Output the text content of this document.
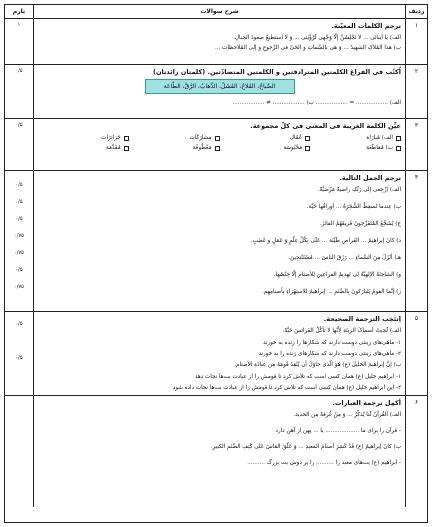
ردیف
شرح سوالات
بارم
۱
ترجم الکلمات المعیّنة.
الف) یا أبنائی ... لا تَجْلِسُنَّ إلّا وَجْهی لَرُؤْیَتی ... وَ لا أستطیعُ صعودَ الجبالِ.
ب) هذا المُلاکِ الشهیدُ ... وَ هی بالسَّماتِ و الحَیِّ فی الرِّجوعِ و إلی المُلاحظات ...
۱
۲
اُکتُب فی الفراغ الکلمتین المترادفتین و الکلمتین المتضادّتین. (کلمتان زائدتان)
الصَّباحُ، الفَلاحُ، الفَشَلُ، الذَّهابُ، الرَّقَّ، الطّاعَة
الف) .................. = .................. ب) .................. ≠ ..................
۰/۵
۳
عیِّن الکلمة الغریبة فی المعنی فی کلّ مجموعة.
الف) مُبارَاة
عُمّال
مِشارَکَات
جَزائِرَات
ب) مُقاطَعَة
مَحْبُوسَة
مَعْطُوفَة
مُقَدَّمَة
۰/۵
۴
ترجم الجمل التالیة.
الف) اِرْجِعی إلی رَبِّکِ راضیةً مَرْضیَّةً.
ب) عِندما تُسقِطُ الشَّجَرَةُ ... أوراقُها حَیَّة.
ج) یُشَجِّعُ المُتَفَرِّجونَ فَریقَهُمُ الفائزَ.
د) کانَ إبراهیمُ ... الفَراصِ طَیِّبَة ... عَلَی بِکُلِّ عِلْمٍ وَ عَمَلٍ و غَضَبٍ.
هـ) أَنْزَلَ مِنَ السَّماءِ ... رَزَقَ الناسَ ... مُسْتَنْتِجِینَ.
و) الشاحِنَةُ الإلهیَّةُ لِی تَهدیمُ الفراعِینِ لِلأصنامِ إلَّا جِنْسُها.
ز) إنَّما القومُ یَتَبارَکونَ بِالصَّنَمِ ... إبراهیمُ لِلاستِهْزاءِ بِأصنامِهِم.
۰/۵
۰/۵
۰/۵
۰/۷۵
۰/۷۵
۰/۵
۰/۷۵
۵
اِنتَخِب الترجمة الصحیحة.
الف) لَحِبتُ أسماکَ الزینَةِ لِأَنَّها لا تأکُلُ الفَرائسَ حَیَّةً.
۱- ماهی‌های زینتی دوست دارند که شکارها را زنده به خورند
۲- ماهی‌های زینتی دوست دارند که شکارهای زنده را به خورند
ب) إنَّ إبراهیمَ الخلیلَ (ع) هُوَ الَّذی حاوَلَ أَن یُنْقِذَ قَومَهُ مِن عِبادَةِ الأصنام.
۱- ابراهیم خلیل (ع) همان کسی است که تلاش کرد تا قومش را از عبادت بت‌ها نجات دهد
۲- این ابراهیم خلیل (ع) همان کسی است که تلاش کرد تا قومش را از عبادت بت‌ها نجات داده شود
۰/۵
۰/۵
۶
أکمِل ترجمة العبارات.
الف) أَلقُرآنُ لَنا یُذکِّرُ ... وَ مِنّ غُرفةً مِن الحدید.
- قرآن را برای ما ................... یا ... پهن از آهن دارد
ب) کانَ إبراهیمُ (ع) قَدْ کَسَرَ أصنامَ المعبدِ ... وَ عَلَّقَ القاسَ عَلی کَتِفِ الصَّنَمِ الکبیرِ.
- ابراهیم (ع) بت‌های معبد را .......... را بر دوش بت بزرگ ..........
